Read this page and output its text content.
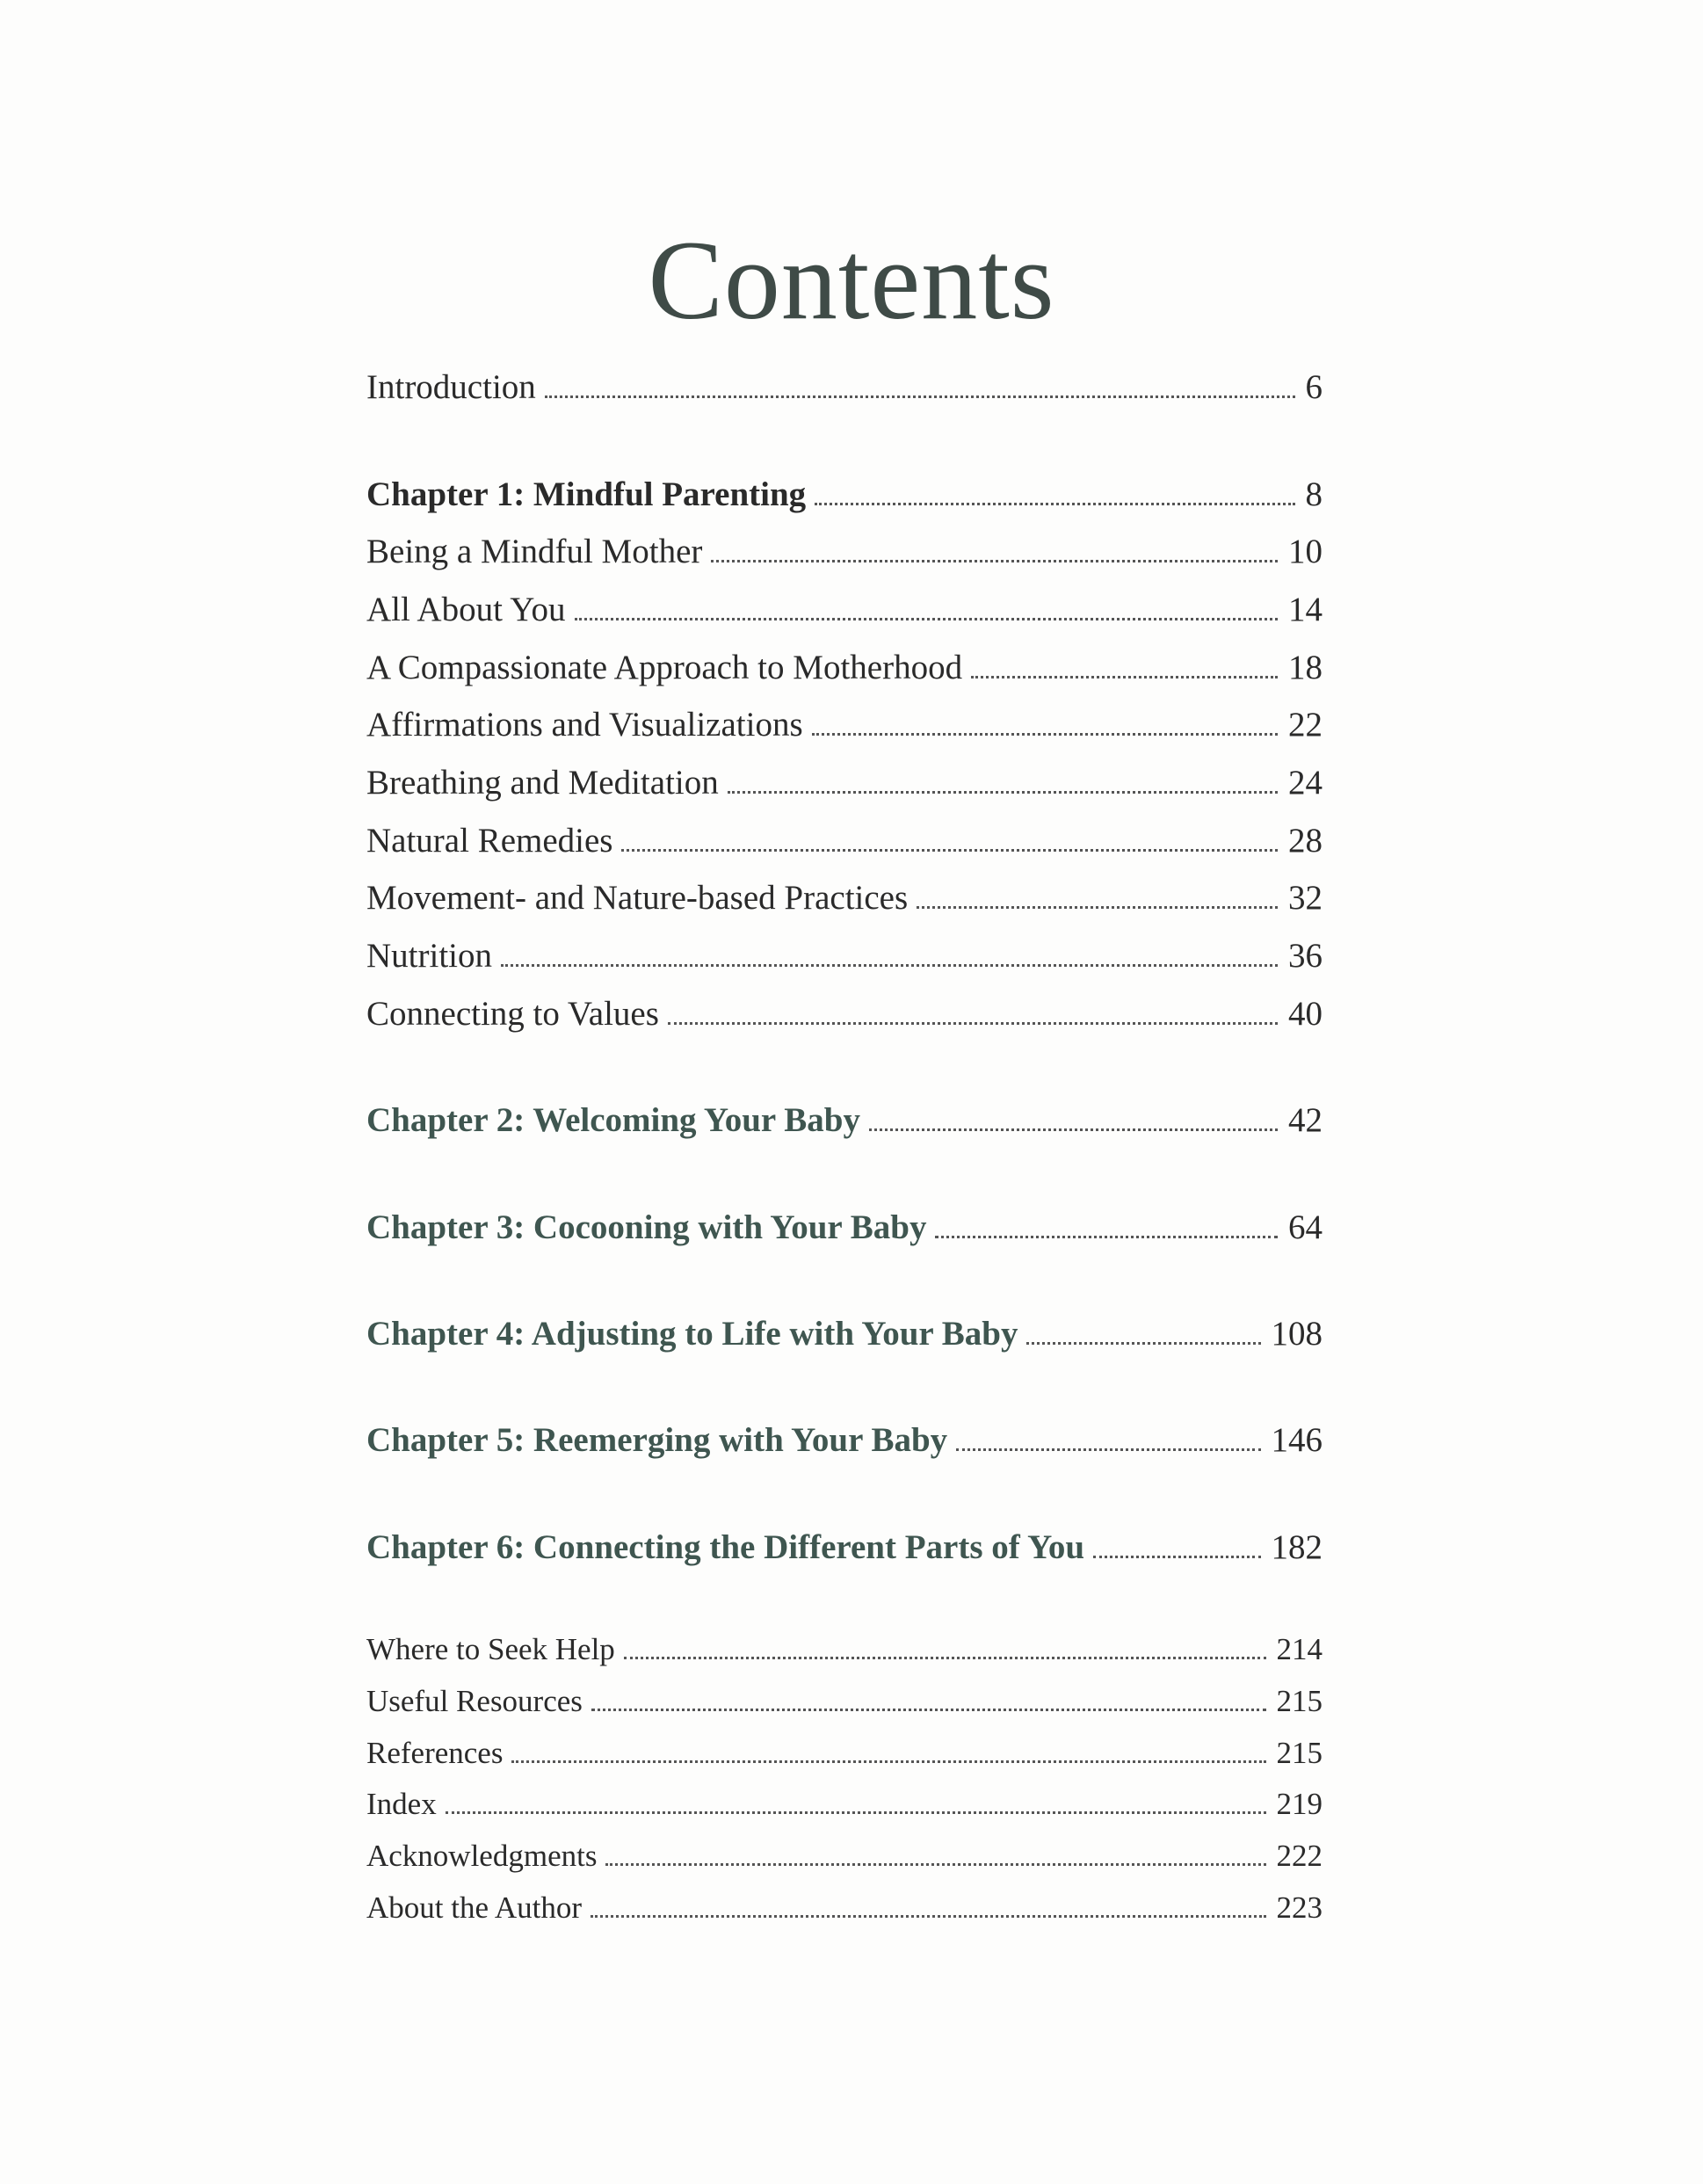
Contents
Introduction	6
Chapter 1: Mindful Parenting	8
Being a Mindful Mother	10
All About You	14
A Compassionate Approach to Motherhood	18
Affirmations and Visualizations	22
Breathing and Meditation	24
Natural Remedies	28
Movement- and Nature-based Practices	32
Nutrition	36
Connecting to Values	40
Chapter 2: Welcoming Your Baby	42
Chapter 3: Cocooning with Your Baby	64
Chapter 4: Adjusting to Life with Your Baby	108
Chapter 5: Reemerging with Your Baby	146
Chapter 6: Connecting the Different Parts of You	182
Where to Seek Help	214
Useful Resources	215
References	215
Index	219
Acknowledgments	222
About the Author	223
